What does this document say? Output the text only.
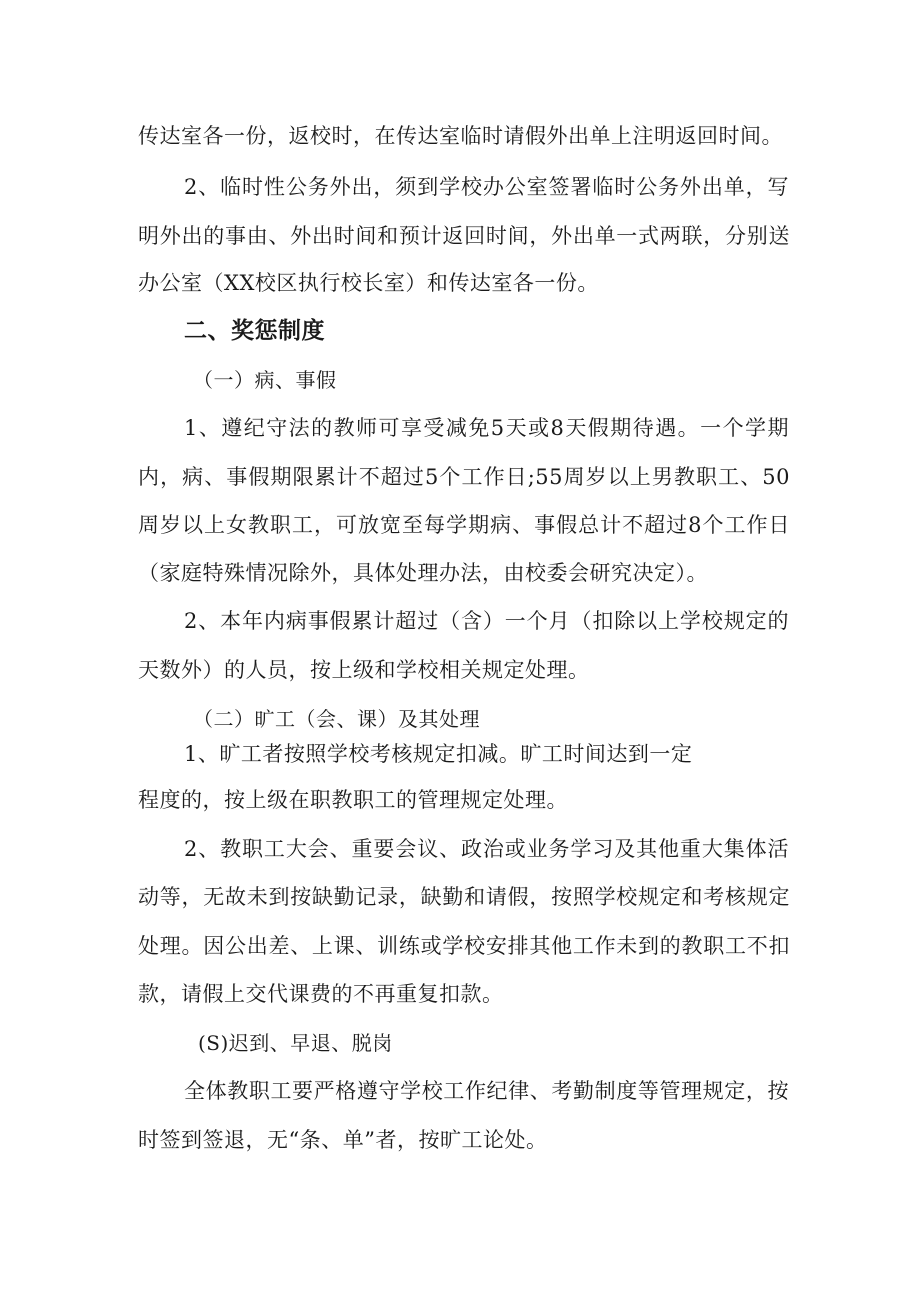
传达室各一份，返校时，在传达室临时请假外出单上注明返回时间。
2、临时性公务外出，须到学校办公室签署临时公务外出单，写
明外出的事由、外出时间和预计返回时间，外出单一式两联，分别送
办公室（XX校区执行校长室）和传达室各一份。
二、奖惩制度
（一）病、事假
1、遵纪守法的教师可享受减免5天或8天假期待遇。一个学期
内，病、事假期限累计不超过5个工作日;55周岁以上男教职工、50
周岁以上女教职工，可放宽至每学期病、事假总计不超过8个工作日
（家庭特殊情况除外，具体处理办法，由校委会研究决定）。
2、本年内病事假累计超过（含）一个月（扣除以上学校规定的
天数外）的人员，按上级和学校相关规定处理。
（二）旷工（会、课）及其处理
1、旷工者按照学校考核规定扣减。旷工时间达到一定
程度的，按上级在职教职工的管理规定处理。
2、教职工大会、重要会议、政治或业务学习及其他重大集体活
动等，无故未到按缺勤记录，缺勤和请假，按照学校规定和考核规定
处理。因公出差、上课、训练或学校安排其他工作未到的教职工不扣
款，请假上交代课费的不再重复扣款。
(S)迟到、早退、脱岗
全体教职工要严格遵守学校工作纪律、考勤制度等管理规定，按
时签到签退，无“条、单”者，按旷工论处。
